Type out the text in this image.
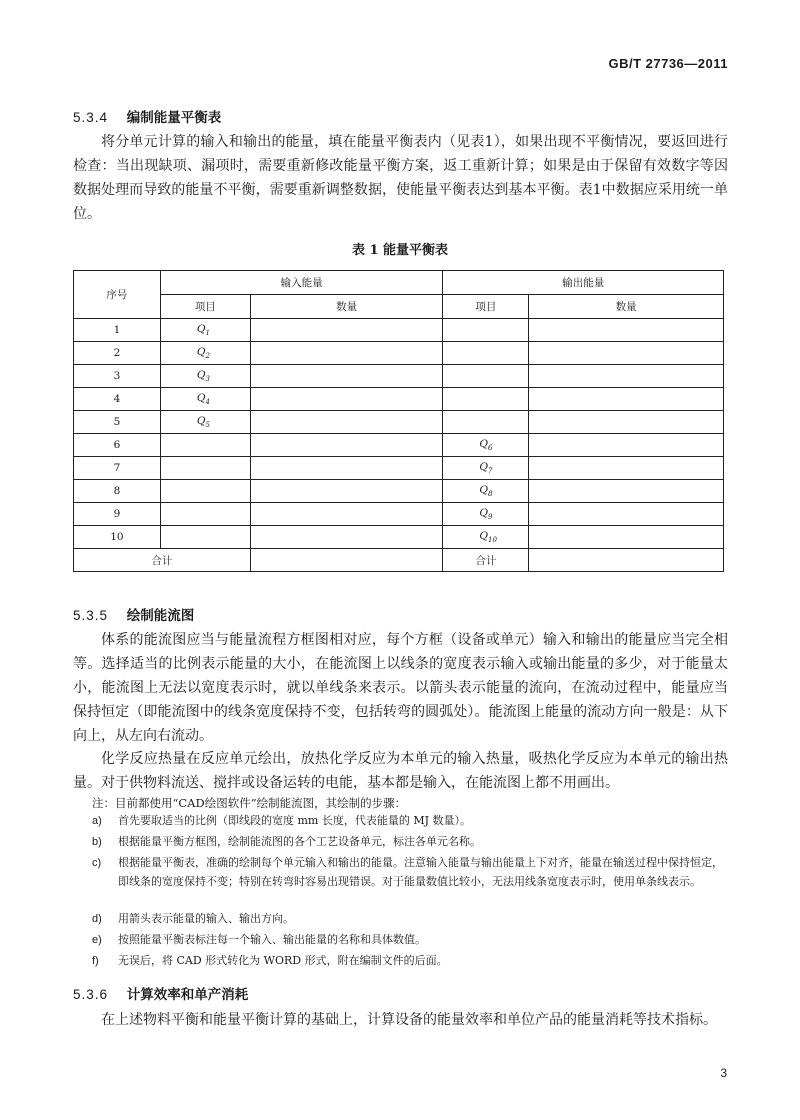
GB/T 27736—2011
5.3.4 编制能量平衡表
将分单元计算的输入和输出的能量，填在能量平衡表内（见表1），如果出现不平衡情况，要返回进行检查：当出现缺项、漏项时，需要重新修改能量平衡方案，返工重新计算；如果是由于保留有效数字等因数据处理而导致的能量不平衡，需要重新调整数据，使能量平衡表达到基本平衡。表1中数据应采用统一单位。
表 1 能量平衡表
序号	输入能量		输出能量	
	项目	数量	项目	数量
1	$Q_1$			
2	$Q_2$			
3	$Q_3$			
4	$Q_4$			
5	$Q_5$			
6			$Q_6$	
7			$Q_7$	
8			$Q_8$	
9			$Q_9$	
10			$Q_{10}$	
合计			合计	
5.3.5 绘制能流图
体系的能流图应当与能量流程方框图相对应，每个方框（设备或单元）输入和输出的能量应当完全相等。选择适当的比例表示能量的大小，在能流图上以线条的宽度表示输入或输出能量的多少，对于能量太小，能流图上无法以宽度表示时，就以单线条来表示。以箭头表示能量的流向，在流动过程中，能量应当保持恒定（即能流图中的线条宽度保持不变，包括转弯的圆弧处）。能流图上能量的流动方向一般是：从下向上，从左向右流动。
化学反应热量在反应单元绘出，放热化学反应为本单元的输入热量，吸热化学反应为本单元的输出热量。对于供物料流送、搅拌或设备运转的电能，基本都是输入，在能流图上都不用画出。
注：目前都使用“CAD绘图软件”绘制能流图，其绘制的步骤：
a)	首先要取适当的比例（即线段的宽度 mm 长度，代表能量的 MJ 数量）。
b)	根据能量平衡方框图，绘制能流图的各个工艺设备单元，标注各单元名称。
c)	根据能量平衡表，准确的绘制每个单元输入和输出的能量。注意输入能量与输出能量上下对齐，能量在输送过程中保持恒定，即线条的宽度保持不变；特别在转弯时容易出现错误。对于能量数值比较小，无法用线条宽度表示时，使用单条线表示。
d)	用箭头表示能量的输入、输出方向。
e)	按照能量平衡表标注每一个输入、输出能量的名称和具体数值。
f)	无误后，将 CAD 形式转化为 WORD 形式，附在编制文件的后面。
5.3.6 计算效率和单产消耗
在上述物料平衡和能量平衡计算的基础上，计算设备的能量效率和单位产品的能量消耗等技术指标。
3
